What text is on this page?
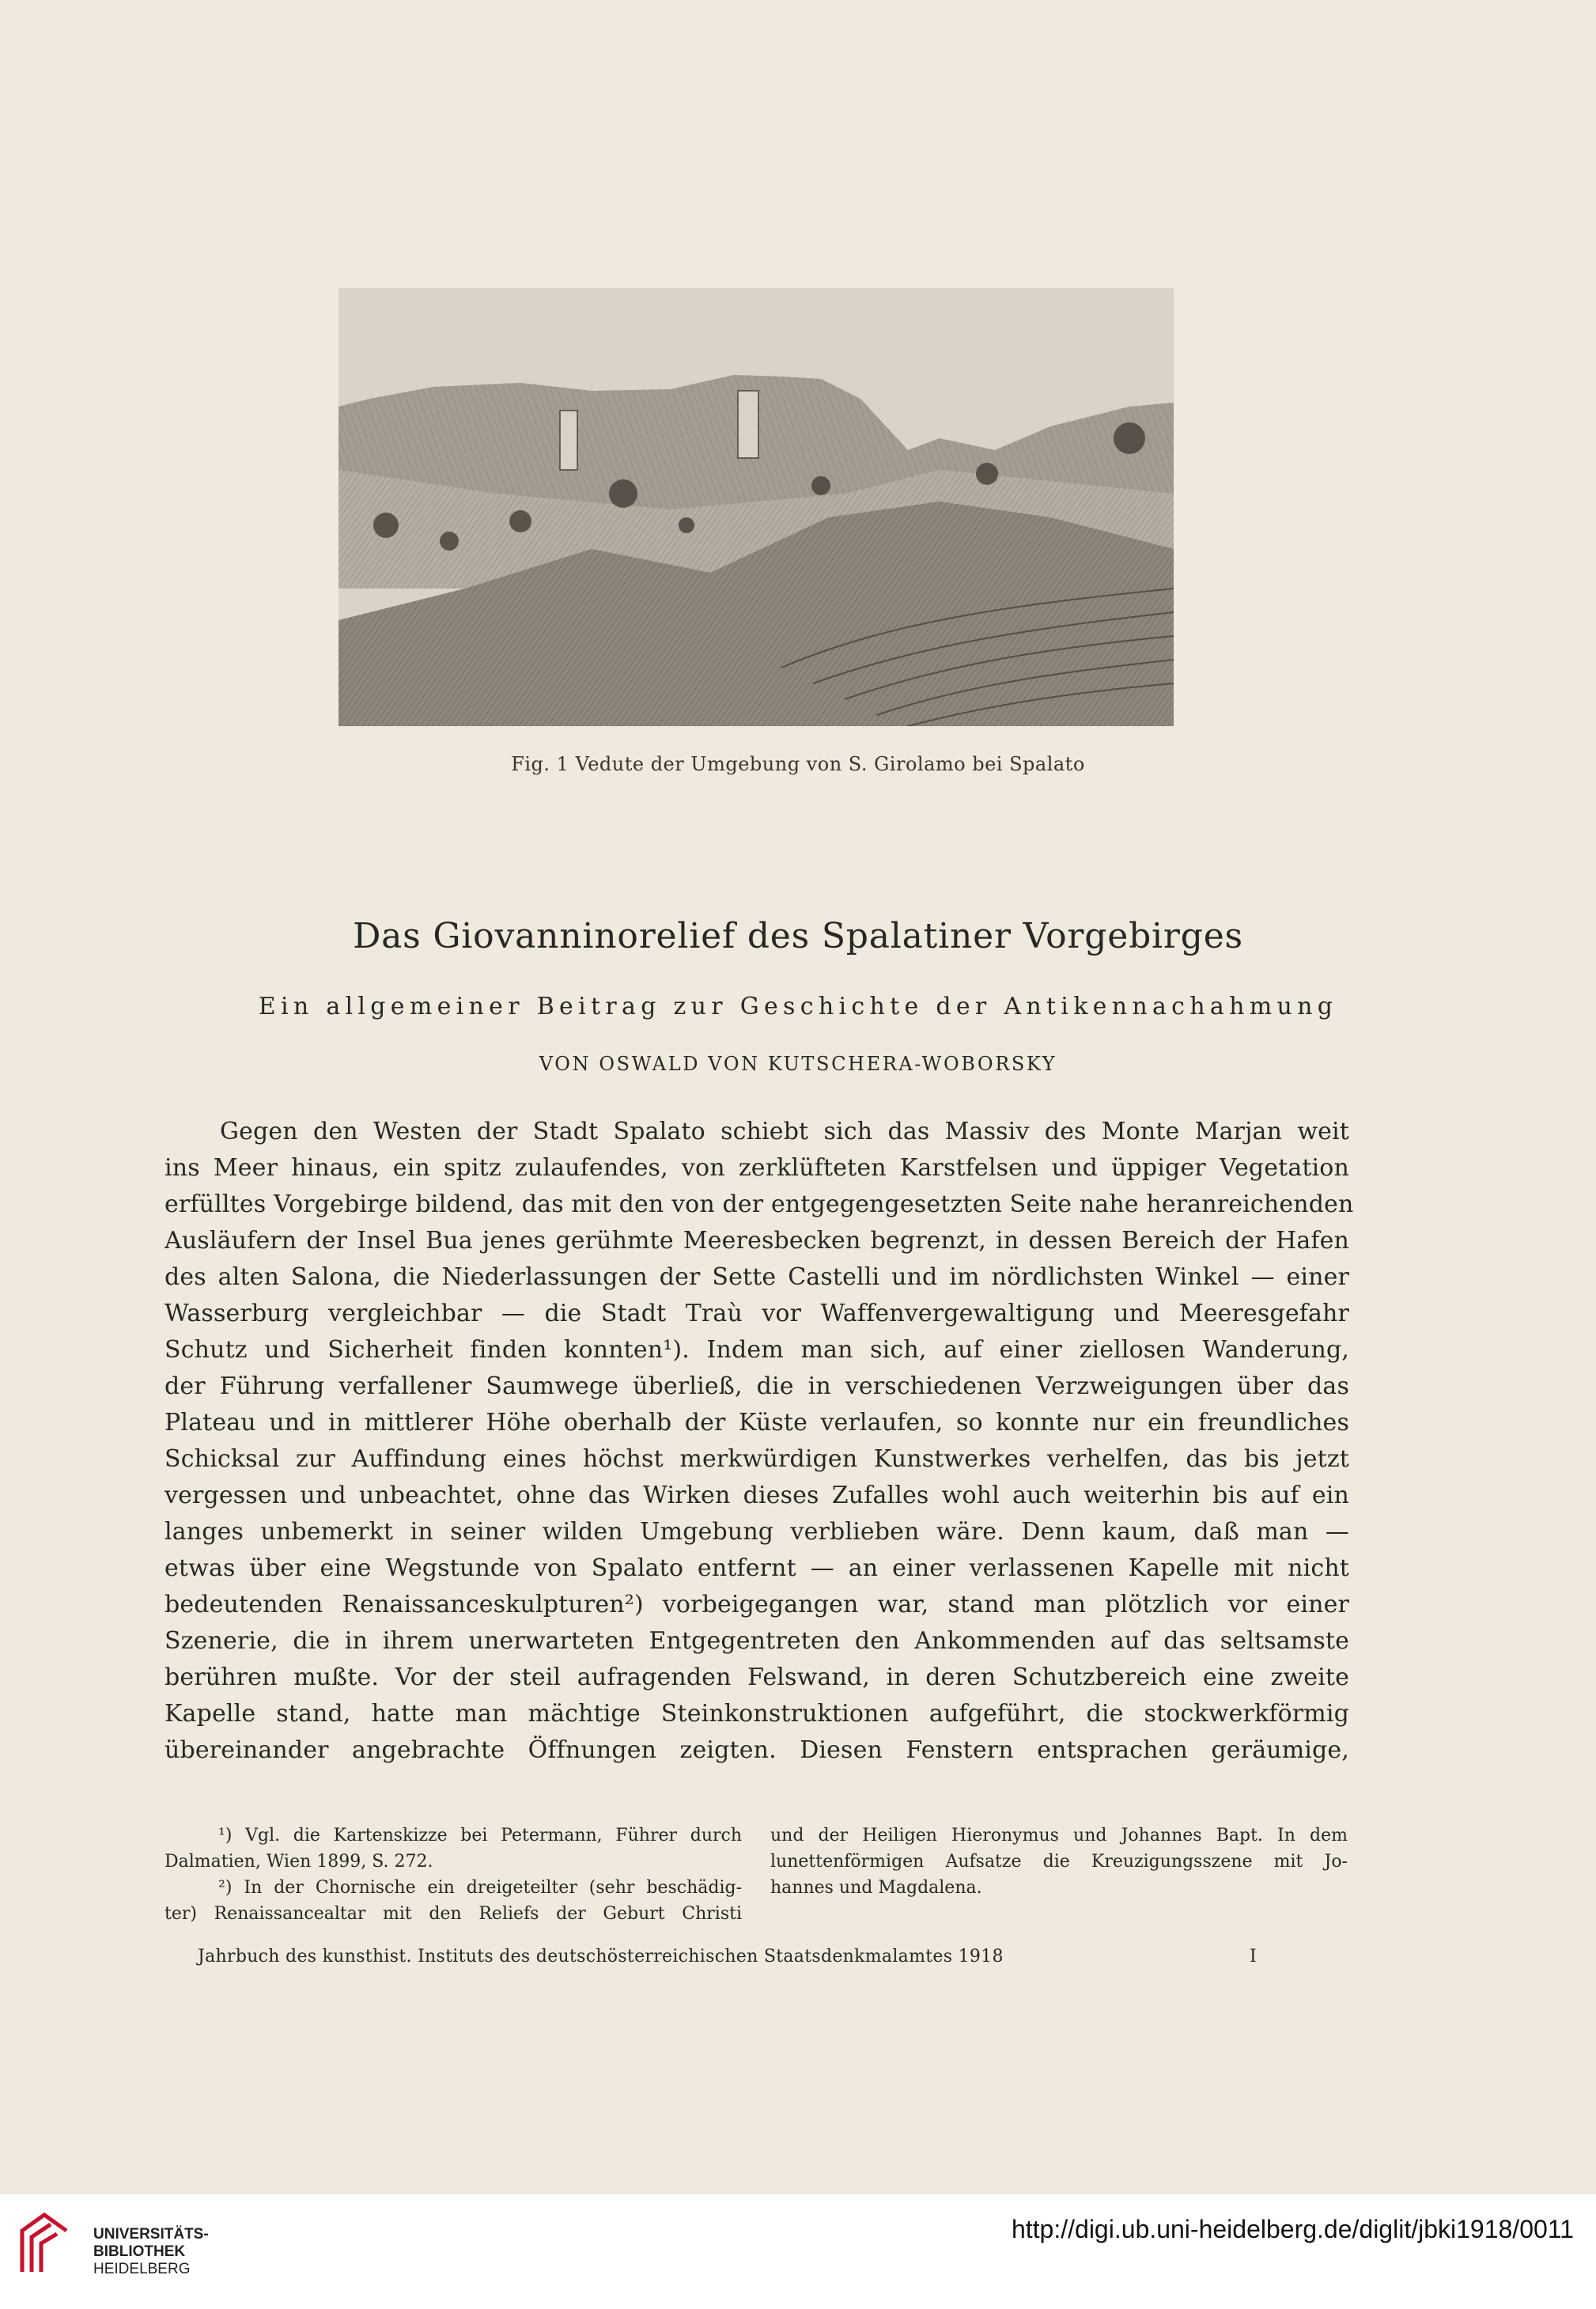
Fig. 1 Vedute der Umgebung von S. Girolamo bei Spalato
Das Giovanninorelief des Spalatiner Vorgebirges
Ein allgemeiner Beitrag zur Geschichte der Antikennachahmung
VON OSWALD VON KUTSCHERA-WOBORSKY
Gegen den Westen der Stadt Spalato schiebt sich das Massiv des Monte Marjan weit
ins Meer hinaus, ein spitz zulaufendes, von zerklüfteten Karstfelsen und üppiger Vegetation
erfülltes Vorgebirge bildend, das mit den von der entgegengesetzten Seite nahe heranreichenden
Ausläufern der Insel Bua jenes gerühmte Meeresbecken begrenzt, in dessen Bereich der Hafen
des alten Salona, die Niederlassungen der Sette Castelli und im nördlichsten Winkel — einer
Wasserburg vergleichbar — die Stadt Traù vor Waffenvergewaltigung und Meeresgefahr
Schutz und Sicherheit finden konnten¹). Indem man sich, auf einer ziellosen Wanderung,
der Führung verfallener Saumwege überließ, die in verschiedenen Verzweigungen über das
Plateau und in mittlerer Höhe oberhalb der Küste verlaufen, so konnte nur ein freundliches
Schicksal zur Auffindung eines höchst merkwürdigen Kunstwerkes verhelfen, das bis jetzt
vergessen und unbeachtet, ohne das Wirken dieses Zufalles wohl auch weiterhin bis auf ein
langes unbemerkt in seiner wilden Umgebung verblieben wäre. Denn kaum, daß man —
etwas über eine Wegstunde von Spalato entfernt — an einer verlassenen Kapelle mit nicht
bedeutenden Renaissanceskulpturen²) vorbeigegangen war, stand man plötzlich vor einer
Szenerie, die in ihrem unerwarteten Entgegentreten den Ankommenden auf das seltsamste
berühren mußte. Vor der steil aufragenden Felswand, in deren Schutzbereich eine zweite
Kapelle stand, hatte man mächtige Steinkonstruktionen aufgeführt, die stockwerkförmig
übereinander angebrachte Öffnungen zeigten. Diesen Fenstern entsprachen geräumige,
¹) Vgl. die Kartenskizze bei Petermann, Führer durch
Dalmatien, Wien 1899, S. 272.
²) In der Chornische ein dreigeteilter (sehr beschädig-
ter) Renaissancealtar mit den Reliefs der Geburt Christi
und der Heiligen Hieronymus und Johannes Bapt. In dem
lunettenförmigen Aufsatze die Kreuzigungsszene mit Jo-
hannes und Magdalena.
Jahrbuch des kunsthist. Instituts des deutschösterreichischen Staatsdenkmalamtes 1918	I
UNIVERSITÄTS-
BIBLIOTHEK
HEIDELBERG
http://digi.ub.uni-heidelberg.de/diglit/jbki1918/0011
